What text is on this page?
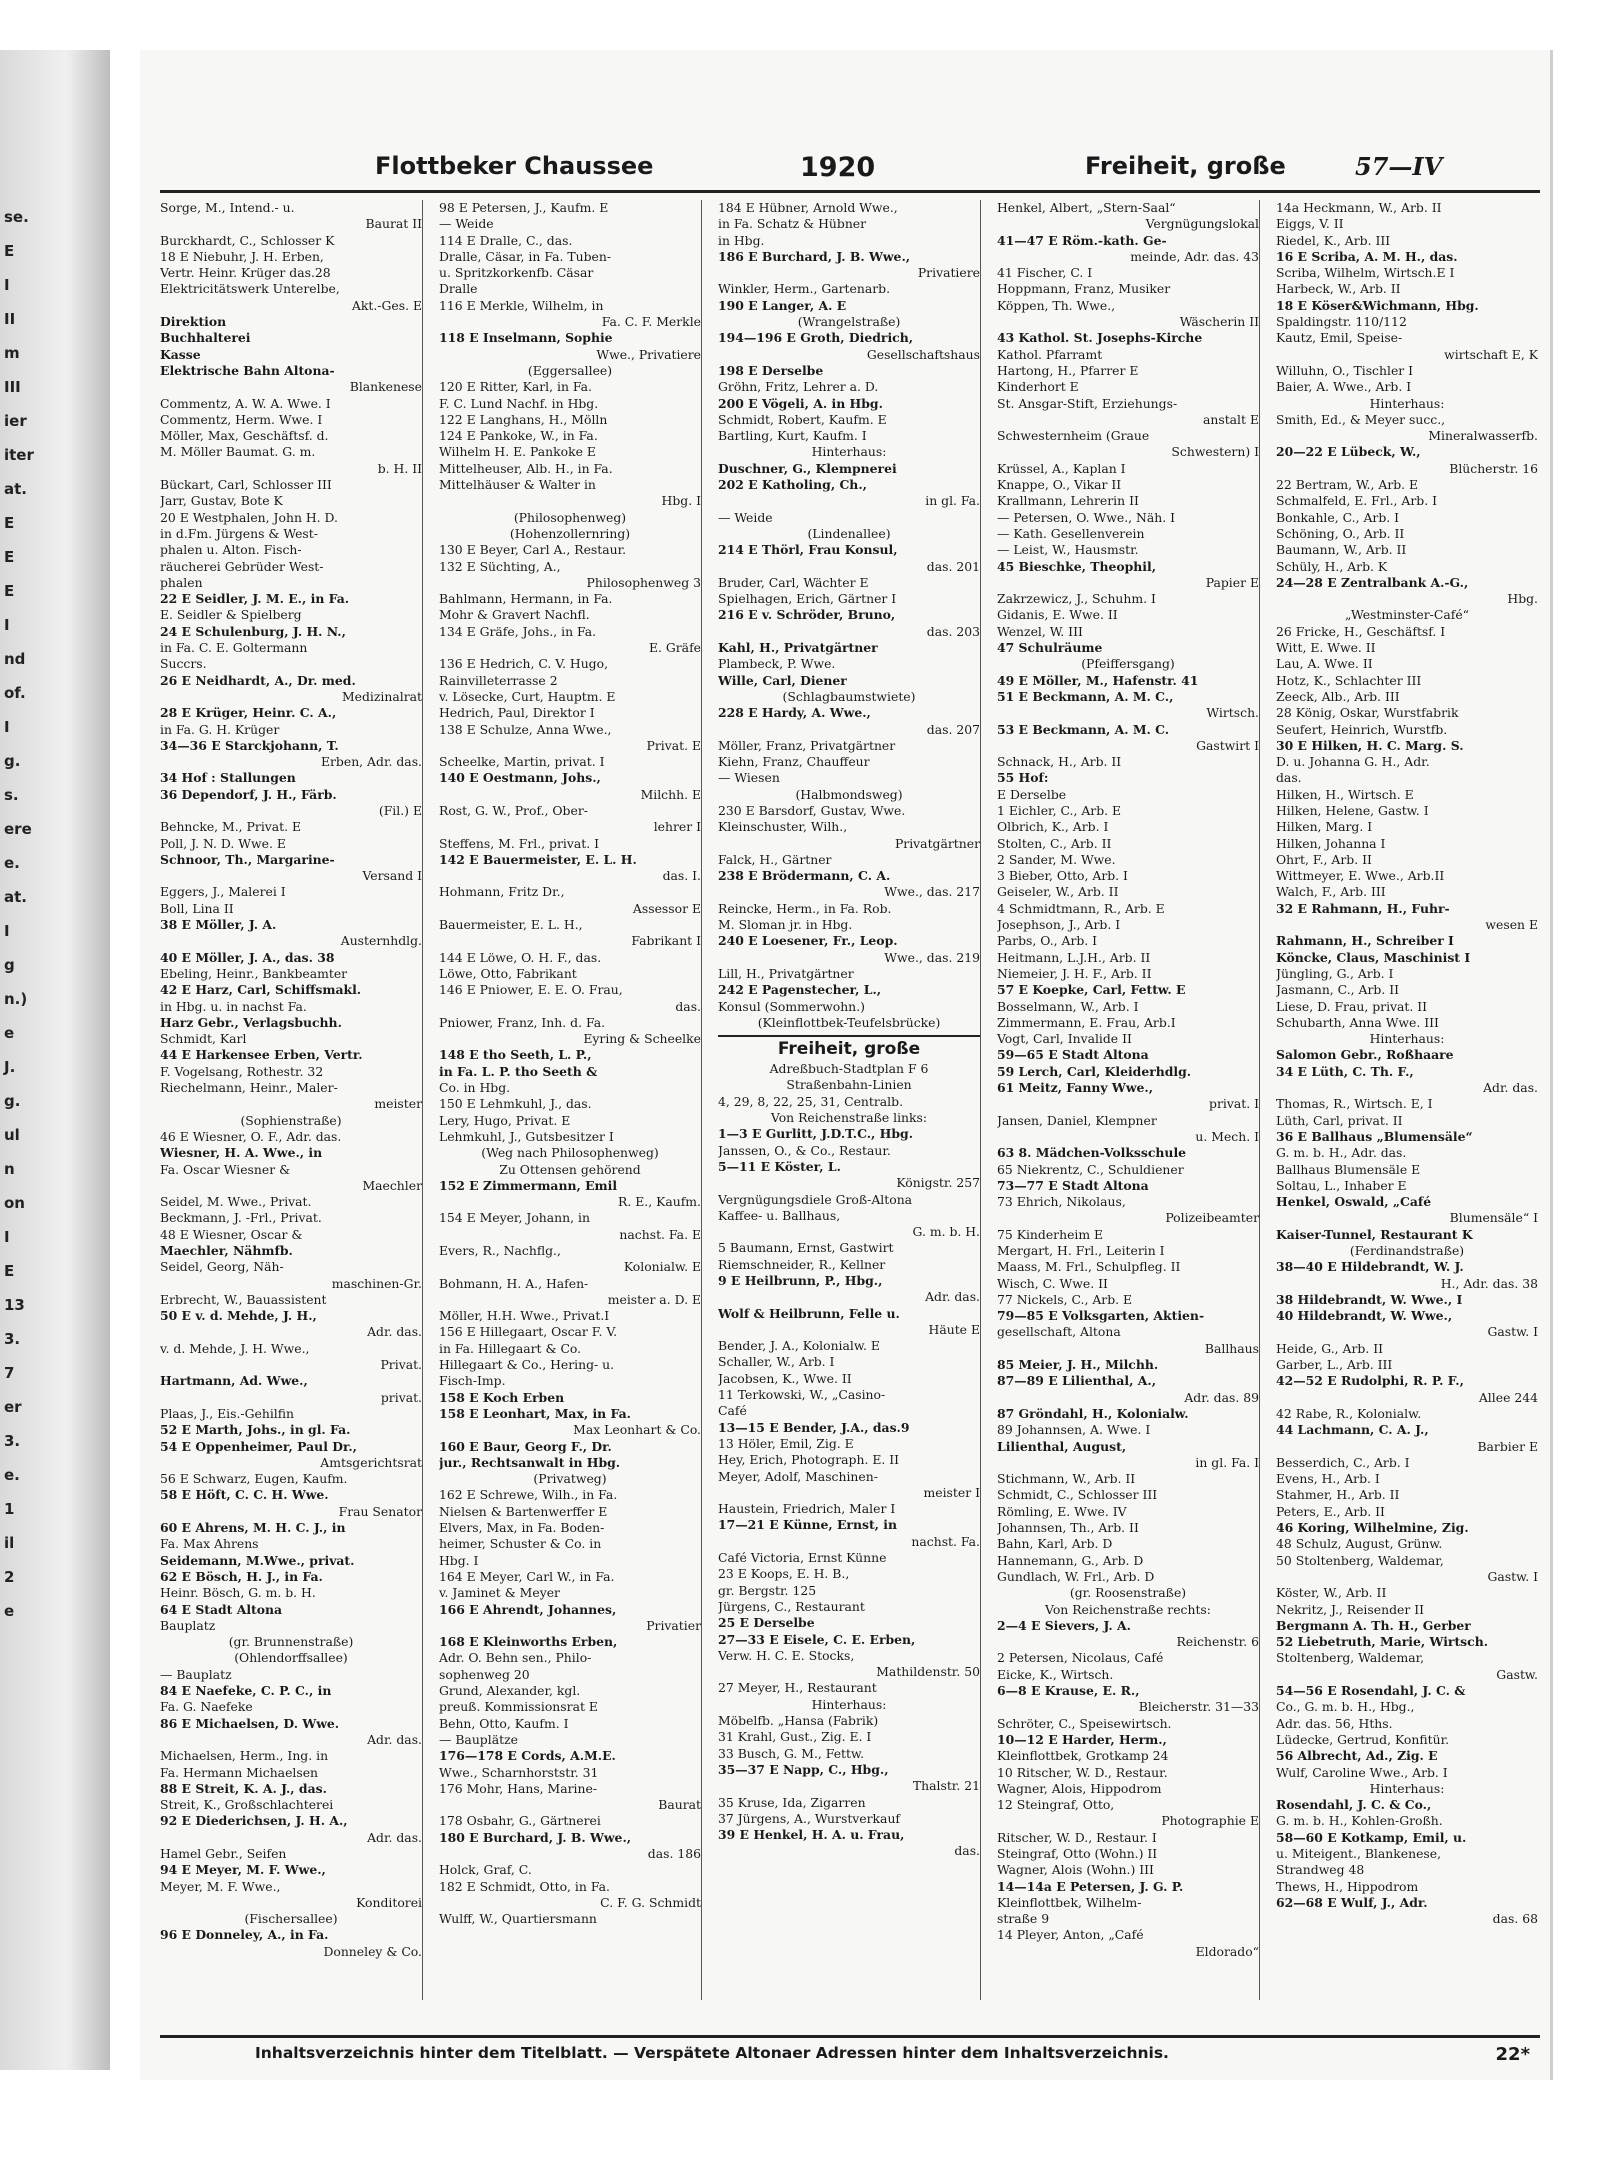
se.
E
I
II
m
III
ier
iter
at.
E
E
E
I
nd
of.
I
g.
s.
ere
e.
at.
I
g
n.)
e
J.
g.
ul
n
on
I
E
13
3.
7
er
3.
e.
1
il
2
e
Flottbeker Chaussee	1920	Freiheit, große	57—IV
Sorge, M., Intend.- u.
Baurat II
Burckhardt, C., Schlosser K
18 E Niebuhr, J. H. Erben,
Vertr. Heinr. Krüger das.28
Elektricitätswerk Unterelbe,
Akt.-Ges. E
Direktion
Buchhalterei
Kasse
Elektrische Bahn Altona-
Blankenese
Commentz, A. W. A. Wwe. I
Commentz, Herm. Wwe. I
Möller, Max, Geschäftsf. d.
M. Möller Baumat. G. m.
b. H. II
Bückart, Carl, Schlosser III
Jarr, Gustav, Bote K
20 E Westphalen, John H. D.
in d.Fm. Jürgens & West-
phalen u. Alton. Fisch-
räucherei Gebrüder West-
phalen
22 E Seidler, J. M. E., in Fa.
E. Seidler & Spielberg
24 E Schulenburg, J. H. N.,
in Fa. C. E. Goltermann
Succrs.
26 E Neidhardt, A., Dr. med.
Medizinalrat
28 E Krüger, Heinr. C. A.,
in Fa. G. H. Krüger
34—36 E Starckjohann, T.
Erben, Adr. das.
34 Hof : Stallungen
36 Dependorf, J. H., Färb.
(Fil.) E
Behncke, M., Privat. E
Poll, J. N. D. Wwe. E
Schnoor, Th., Margarine-
Versand I
Eggers, J., Malerei I
Boll, Lina II
38 E Möller, J. A.
Austernhdlg.
40 E Möller, J. A., das. 38
Ebeling, Heinr., Bankbeamter
42 E Harz, Carl, Schiffsmakl.
in Hbg. u. in nachst Fa.
Harz Gebr., Verlagsbuchh.
Schmidt, Karl
44 E Harkensee Erben, Vertr.
F. Vogelsang, Rothestr. 32
Riechelmann, Heinr., Maler-
meister
(Sophienstraße)
46 E Wiesner, O. F., Adr. das.
Wiesner, H. A. Wwe., in
Fa. Oscar Wiesner &
Maechler
Seidel, M. Wwe., Privat.
Beckmann, J. -Frl., Privat.
48 E Wiesner, Oscar &
Maechler, Nähmfb.
Seidel, Georg, Näh-
maschinen-Gr.
Erbrecht, W., Bauassistent
50 E v. d. Mehde, J. H.,
Adr. das.
v. d. Mehde, J. H. Wwe.,
Privat.
Hartmann, Ad. Wwe.,
privat.
Plaas, J., Eis.-Gehilfin
52 E Marth, Johs., in gl. Fa.
54 E Oppenheimer, Paul Dr.,
Amtsgerichtsrat
56 E Schwarz, Eugen, Kaufm.
58 E Höft, C. C. H. Wwe.
Frau Senator
60 E Ahrens, M. H. C. J., in
Fa. Max Ahrens
Seidemann, M.Wwe., privat.
62 E Bösch, H. J., in Fa.
Heinr. Bösch, G. m. b. H.
64 E Stadt Altona
Bauplatz
(gr. Brunnenstraße)
(Ohlendorffsallee)
— Bauplatz
84 E Naefeke, C. P. C., in
Fa. G. Naefeke
86 E Michaelsen, D. Wwe.
Adr. das.
Michaelsen, Herm., Ing. in
Fa. Hermann Michaelsen
88 E Streit, K. A. J., das.
Streit, K., Großschlachterei
92 E Diederichsen, J. H. A.,
Adr. das.
Hamel Gebr., Seifen
94 E Meyer, M. F. Wwe.,
Meyer, M. F. Wwe.,
Konditorei
(Fischersallee)
96 E Donneley, A., in Fa.
Donneley & Co.
98 E Petersen, J., Kaufm. E
— Weide
114 E Dralle, C., das.
Dralle, Cäsar, in Fa. Tuben-
u. Spritzkorkenfb. Cäsar
Dralle
116 E Merkle, Wilhelm, in
Fa. C. F. Merkle
118 E Inselmann, Sophie
Wwe., Privatiere
(Eggersallee)
120 E Ritter, Karl, in Fa.
F. C. Lund Nachf. in Hbg.
122 E Langhans, H., Mölln
124 E Pankoke, W., in Fa.
Wilhelm H. E. Pankoke E
Mittelheuser, Alb. H., in Fa.
Mittelhäuser & Walter in
Hbg. I
(Philosophenweg)
(Hohenzollernring)
130 E Beyer, Carl A., Restaur.
132 E Süchting, A.,
Philosophenweg 3
Bahlmann, Hermann, in Fa.
Mohr & Gravert Nachfl.
134 E Gräfe, Johs., in Fa.
E. Gräfe
136 E Hedrich, C. V. Hugo,
Rainvilleterrasse 2
v. Lösecke, Curt, Hauptm. E
Hedrich, Paul, Direktor I
138 E Schulze, Anna Wwe.,
Privat. E
Scheelke, Martin, privat. I
140 E Oestmann, Johs.,
Milchh. E
Rost, G. W., Prof., Ober-
lehrer I
Steffens, M. Frl., privat. I
142 E Bauermeister, E. L. H.
das. I.
Hohmann, Fritz Dr.,
Assessor E
Bauermeister, E. L. H.,
Fabrikant I
144 E Löwe, O. H. F., das.
Löwe, Otto, Fabrikant
146 E Pniower, E. E. O. Frau,
das.
Pniower, Franz, Inh. d. Fa.
Eyring & Scheelke
148 E tho Seeth, L. P.,
in Fa. L. P. tho Seeth &
Co. in Hbg.
150 E Lehmkuhl, J., das.
Lery, Hugo, Privat. E
Lehmkuhl, J., Gutsbesitzer I
(Weg nach Philosophenweg)
Zu Ottensen gehörend
152 E Zimmermann, Emil
R. E., Kaufm.
154 E Meyer, Johann, in
nachst. Fa. E
Evers, R., Nachflg.,
Kolonialw. E
Bohmann, H. A., Hafen-
meister a. D. E
Möller, H.H. Wwe., Privat.I
156 E Hillegaart, Oscar F. V.
in Fa. Hillegaart & Co.
Hillegaart & Co., Hering- u.
Fisch-Imp.
158 E Koch Erben
158 E Leonhart, Max, in Fa.
Max Leonhart & Co.
160 E Baur, Georg F., Dr.
jur., Rechtsanwalt in Hbg.
(Privatweg)
162 E Schrewe, Wilh., in Fa.
Nielsen & Bartenwerffer E
Elvers, Max, in Fa. Boden-
heimer, Schuster & Co. in
Hbg. I
164 E Meyer, Carl W., in Fa.
v. Jaminet & Meyer
166 E Ahrendt, Johannes,
Privatier
168 E Kleinworths Erben,
Adr. O. Behn sen., Philo-
sophenweg 20
Grund, Alexander, kgl.
preuß. Kommissionsrat E
Behn, Otto, Kaufm. I
— Bauplätze
176—178 E Cords, A.M.E.
Wwe., Scharnhorststr. 31
176 Mohr, Hans, Marine-
Baurat
178 Osbahr, G., Gärtnerei
180 E Burchard, J. B. Wwe.,
das. 186
Holck, Graf, C.
182 E Schmidt, Otto, in Fa.
C. F. G. Schmidt
Wulff, W., Quartiersmann
184 E Hübner, Arnold Wwe.,
in Fa. Schatz & Hübner
in Hbg.
186 E Burchard, J. B. Wwe.,
Privatiere
Winkler, Herm., Gartenarb.
190 E Langer, A. E
(Wrangelstraße)
194—196 E Groth, Diedrich,
Gesellschaftshaus
198 E Derselbe
Gröhn, Fritz, Lehrer a. D.
200 E Vögeli, A. in Hbg.
Schmidt, Robert, Kaufm. E
Bartling, Kurt, Kaufm. I
Hinterhaus:
Duschner, G., Klempnerei
202 E Katholing, Ch.,
in gl. Fa.
— Weide
(Lindenallee)
214 E Thörl, Frau Konsul,
das. 201
Bruder, Carl, Wächter E
Spielhagen, Erich, Gärtner I
216 E v. Schröder, Bruno,
das. 203
Kahl, H., Privatgärtner
Plambeck, P. Wwe.
Wille, Carl, Diener
(Schlagbaumstwiete)
228 E Hardy, A. Wwe.,
das. 207
Möller, Franz, Privatgärtner
Kiehn, Franz, Chauffeur
— Wiesen
(Halbmondsweg)
230 E Barsdorf, Gustav, Wwe.
Kleinschuster, Wilh.,
Privatgärtner
Falck, H., Gärtner
238 E Brödermann, C. A.
Wwe., das. 217
Reincke, Herm., in Fa. Rob.
M. Sloman jr. in Hbg.
240 E Loesener, Fr., Leop.
Wwe., das. 219
Lill, H., Privatgärtner
242 E Pagenstecher, L.,
Konsul (Sommerwohn.)
(Kleinflottbek-Teufelsbrücke)
Freiheit, große
Adreßbuch-Stadtplan F 6
Straßenbahn-Linien
4, 29, 8, 22, 25, 31, Centralb.
Von Reichenstraße links:
1—3 E Gurlitt, J.D.T.C., Hbg.
Janssen, O., & Co., Restaur.
5—11 E Köster, L.
Königstr. 257
Vergnügungsdiele Groß-Altona
Kaffee- u. Ballhaus,
G. m. b. H.
5 Baumann, Ernst, Gastwirt
Riemschneider, R., Kellner
9 E Heilbrunn, P., Hbg.,
Adr. das.
Wolf & Heilbrunn, Felle u.
Häute E
Bender, J. A., Kolonialw. E
Schaller, W., Arb. I
Jacobsen, K., Wwe. II
11 Terkowski, W., „Casino-
Café
13—15 E Bender, J.A., das.9
13 Höler, Emil, Zig. E
Hey, Erich, Photograph. E. II
Meyer, Adolf, Maschinen-
meister I
Haustein, Friedrich, Maler I
17—21 E Künne, Ernst, in
nachst. Fa.
Café Victoria, Ernst Künne
23 E Koops, E. H. B.,
gr. Bergstr. 125
Jürgens, C., Restaurant
25 E Derselbe
27—33 E Eisele, C. E. Erben,
Verw. H. C. E. Stocks,
Mathildenstr. 50
27 Meyer, H., Restaurant
Hinterhaus:
Möbelfb. „Hansa (Fabrik)
31 Krahl, Gust., Zig. E. I
33 Busch, G. M., Fettw.
35—37 E Napp, C., Hbg.,
Thalstr. 21
35 Kruse, Ida, Zigarren
37 Jürgens, A., Wurstverkauf
39 E Henkel, H. A. u. Frau,
das.
Henkel, Albert, „Stern-Saal“
Vergnügungslokal
41—47 E Röm.-kath. Ge-
meinde, Adr. das. 43
41 Fischer, C. I
Hoppmann, Franz, Musiker
Köppen, Th. Wwe.,
Wäscherin II
43 Kathol. St. Josephs-Kirche
Kathol. Pfarramt
Hartong, H., Pfarrer E
Kinderhort E
St. Ansgar-Stift, Erziehungs-
anstalt E
Schwesternheim (Graue
Schwestern) I
Krüssel, A., Kaplan I
Knappe, O., Vikar II
Krallmann, Lehrerin II
— Petersen, O. Wwe., Näh. I
— Kath. Gesellenverein
— Leist, W., Hausmstr.
45 Bieschke, Theophil,
Papier E
Zakrzewicz, J., Schuhm. I
Gidanis, E. Wwe. II
Wenzel, W. III
47 Schulräume
(Pfeiffersgang)
49 E Möller, M., Hafenstr. 41
51 E Beckmann, A. M. C.,
Wirtsch.
53 E Beckmann, A. M. C.
Gastwirt I
Schnack, H., Arb. II
55 Hof:
E Derselbe
1 Eichler, C., Arb. E
Olbrich, K., Arb. I
Stolten, C., Arb. II
2 Sander, M. Wwe.
3 Bieber, Otto, Arb. I
Geiseler, W., Arb. II
4 Schmidtmann, R., Arb. E
Josephson, J., Arb. I
Parbs, O., Arb. I
Heitmann, L.J.H., Arb. II
Niemeier, J. H. F., Arb. II
57 E Koepke, Carl, Fettw. E
Bosselmann, W., Arb. I
Zimmermann, E. Frau, Arb.I
Vogt, Carl, Invalide II
59—65 E Stadt Altona
59 Lerch, Carl, Kleiderhdlg.
61 Meitz, Fanny Wwe.,
privat. I
Jansen, Daniel, Klempner
u. Mech. I
63 8. Mädchen-Volksschule
65 Niekrentz, C., Schuldiener
73—77 E Stadt Altona
73 Ehrich, Nikolaus,
Polizeibeamter
75 Kinderheim E
Mergart, H. Frl., Leiterin I
Maass, M. Frl., Schulpfleg. II
Wisch, C. Wwe. II
77 Nickels, C., Arb. E
79—85 E Volksgarten, Aktien-
gesellschaft, Altona
Ballhaus
85 Meier, J. H., Milchh.
87—89 E Lilienthal, A.,
Adr. das. 89
87 Gröndahl, H., Kolonialw.
89 Johannsen, A. Wwe. I
Lilienthal, August,
in gl. Fa. I
Stichmann, W., Arb. II
Schmidt, C., Schlosser III
Römling, E. Wwe. IV
Johannsen, Th., Arb. II
Bahn, Karl, Arb. D
Hannemann, G., Arb. D
Gundlach, W. Frl., Arb. D
(gr. Roosenstraße)
Von Reichenstraße rechts:
2—4 E Sievers, J. A.
Reichenstr. 6
2 Petersen, Nicolaus, Café
Eicke, K., Wirtsch.
6—8 E Krause, E. R.,
Bleicherstr. 31—33
Schröter, C., Speisewirtsch.
10—12 E Harder, Herm.,
Kleinflottbek, Grotkamp 24
10 Ritscher, W. D., Restaur.
Wagner, Alois, Hippodrom
12 Steingraf, Otto,
Photographie E
Ritscher, W. D., Restaur. I
Steingraf, Otto (Wohn.) II
Wagner, Alois (Wohn.) III
14—14a E Petersen, J. G. P.
Kleinflottbek, Wilhelm-
straße 9
14 Pleyer, Anton, „Café
Eldorado“
14a Heckmann, W., Arb. II
Eiggs, V. II
Riedel, K., Arb. III
16 E Scriba, A. M. H., das.
Scriba, Wilhelm, Wirtsch.E I
Harbeck, W., Arb. II
18 E Köser&Wichmann, Hbg.
Spaldingstr. 110/112
Kautz, Emil, Speise-
wirtschaft E, K
Willuhn, O., Tischler I
Baier, A. Wwe., Arb. I
Hinterhaus:
Smith, Ed., & Meyer succ.,
Mineralwasserfb.
20—22 E Lübeck, W.,
Blücherstr. 16
22 Bertram, W., Arb. E
Schmalfeld, E. Frl., Arb. I
Bonkahle, C., Arb. I
Schöning, O., Arb. II
Baumann, W., Arb. II
Schüly, H., Arb. K
24—28 E Zentralbank A.-G.,
Hbg.
„Westminster-Café“
26 Fricke, H., Geschäftsf. I
Witt, E. Wwe. II
Lau, A. Wwe. II
Hotz, K., Schlachter III
Zeeck, Alb., Arb. III
28 König, Oskar, Wurstfabrik
Seufert, Heinrich, Wurstfb.
30 E Hilken, H. C. Marg. S.
D. u. Johanna G. H., Adr.
das.
Hilken, H., Wirtsch. E
Hilken, Helene, Gastw. I
Hilken, Marg. I
Hilken, Johanna I
Ohrt, F., Arb. II
Wittmeyer, E. Wwe., Arb.II
Walch, F., Arb. III
32 E Rahmann, H., Fuhr-
wesen E
Rahmann, H., Schreiber I
Köncke, Claus, Maschinist I
Jüngling, G., Arb. I
Jasmann, C., Arb. II
Liese, D. Frau, privat. II
Schubarth, Anna Wwe. III
Hinterhaus:
Salomon Gebr., Roßhaare
34 E Lüth, C. Th. F.,
Adr. das.
Thomas, R., Wirtsch. E, I
Lüth, Carl, privat. II
36 E Ballhaus „Blumensäle“
G. m. b. H., Adr. das.
Ballhaus Blumensäle E
Soltau, L., Inhaber E
Henkel, Oswald, „Café
Blumensäle“ I
Kaiser-Tunnel, Restaurant K
(Ferdinandstraße)
38—40 E Hildebrandt, W. J.
H., Adr. das. 38
38 Hildebrandt, W. Wwe., I
40 Hildebrandt, W. Wwe.,
Gastw. I
Heide, G., Arb. II
Garber, L., Arb. III
42—52 E Rudolphi, R. P. F.,
Allee 244
42 Rabe, R., Kolonialw.
44 Lachmann, C. A. J.,
Barbier E
Besserdich, C., Arb. I
Evens, H., Arb. I
Stahmer, H., Arb. II
Peters, E., Arb. II
46 Koring, Wilhelmine, Zig.
48 Schulz, August, Grünw.
50 Stoltenberg, Waldemar,
Gastw. I
Köster, W., Arb. II
Nekritz, J., Reisender II
Bergmann A. Th. H., Gerber
52 Liebetruth, Marie, Wirtsch.
Stoltenberg, Waldemar,
Gastw.
54—56 E Rosendahl, J. C. &
Co., G. m. b. H., Hbg.,
Adr. das. 56, Hths.
Lüdecke, Gertrud, Konfitür.
56 Albrecht, Ad., Zig. E
Wulf, Caroline Wwe., Arb. I
Hinterhaus:
Rosendahl, J. C. & Co.,
G. m. b. H., Kohlen-Großh.
58—60 E Kotkamp, Emil, u.
u. Miteigent., Blankenese,
Strandweg 48
Thews, H., Hippodrom
62—68 E Wulf, J., Adr.
das. 68
Inhaltsverzeichnis hinter dem Titelblatt. — Verspätete Altonaer Adressen hinter dem Inhaltsverzeichnis.	22*
